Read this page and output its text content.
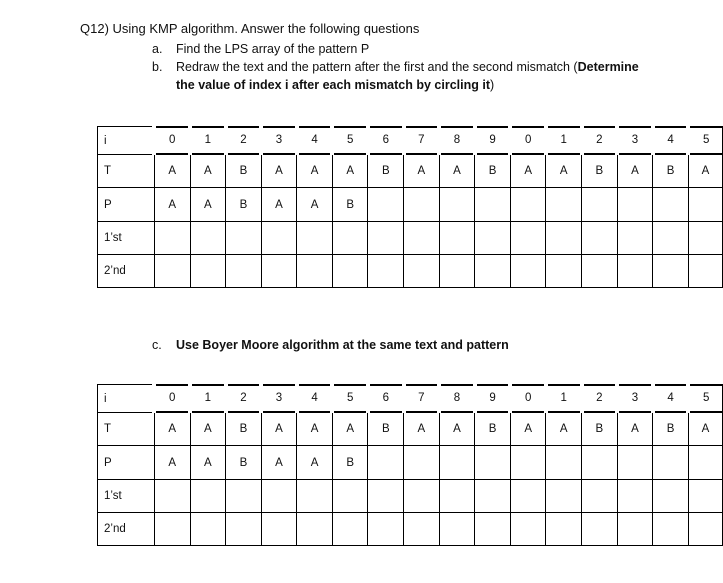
Q12) Using KMP algorithm. Answer the following questions
a. Find the LPS array of the pattern P
b. Redraw the text and the pattern after the first and the second mismatch (Determine
the value of index i after each mismatch by circling it)
i	0	1	2	3	4	5	6	7	8	9	0	1	2	3	4	5

T	A	A	B	A	A	A	B	A	A	B	A	A	B	A	B	A
P	A	A	B	A	A	B										
1’st																
2’nd																
c. Use Boyer Moore algorithm at the same text and pattern
i	0	1	2	3	4	5	6	7	8	9	0	1	2	3	4	5

T	A	A	B	A	A	A	B	A	A	B	A	A	B	A	B	A
P	A	A	B	A	A	B										
1’st																
2’nd																
